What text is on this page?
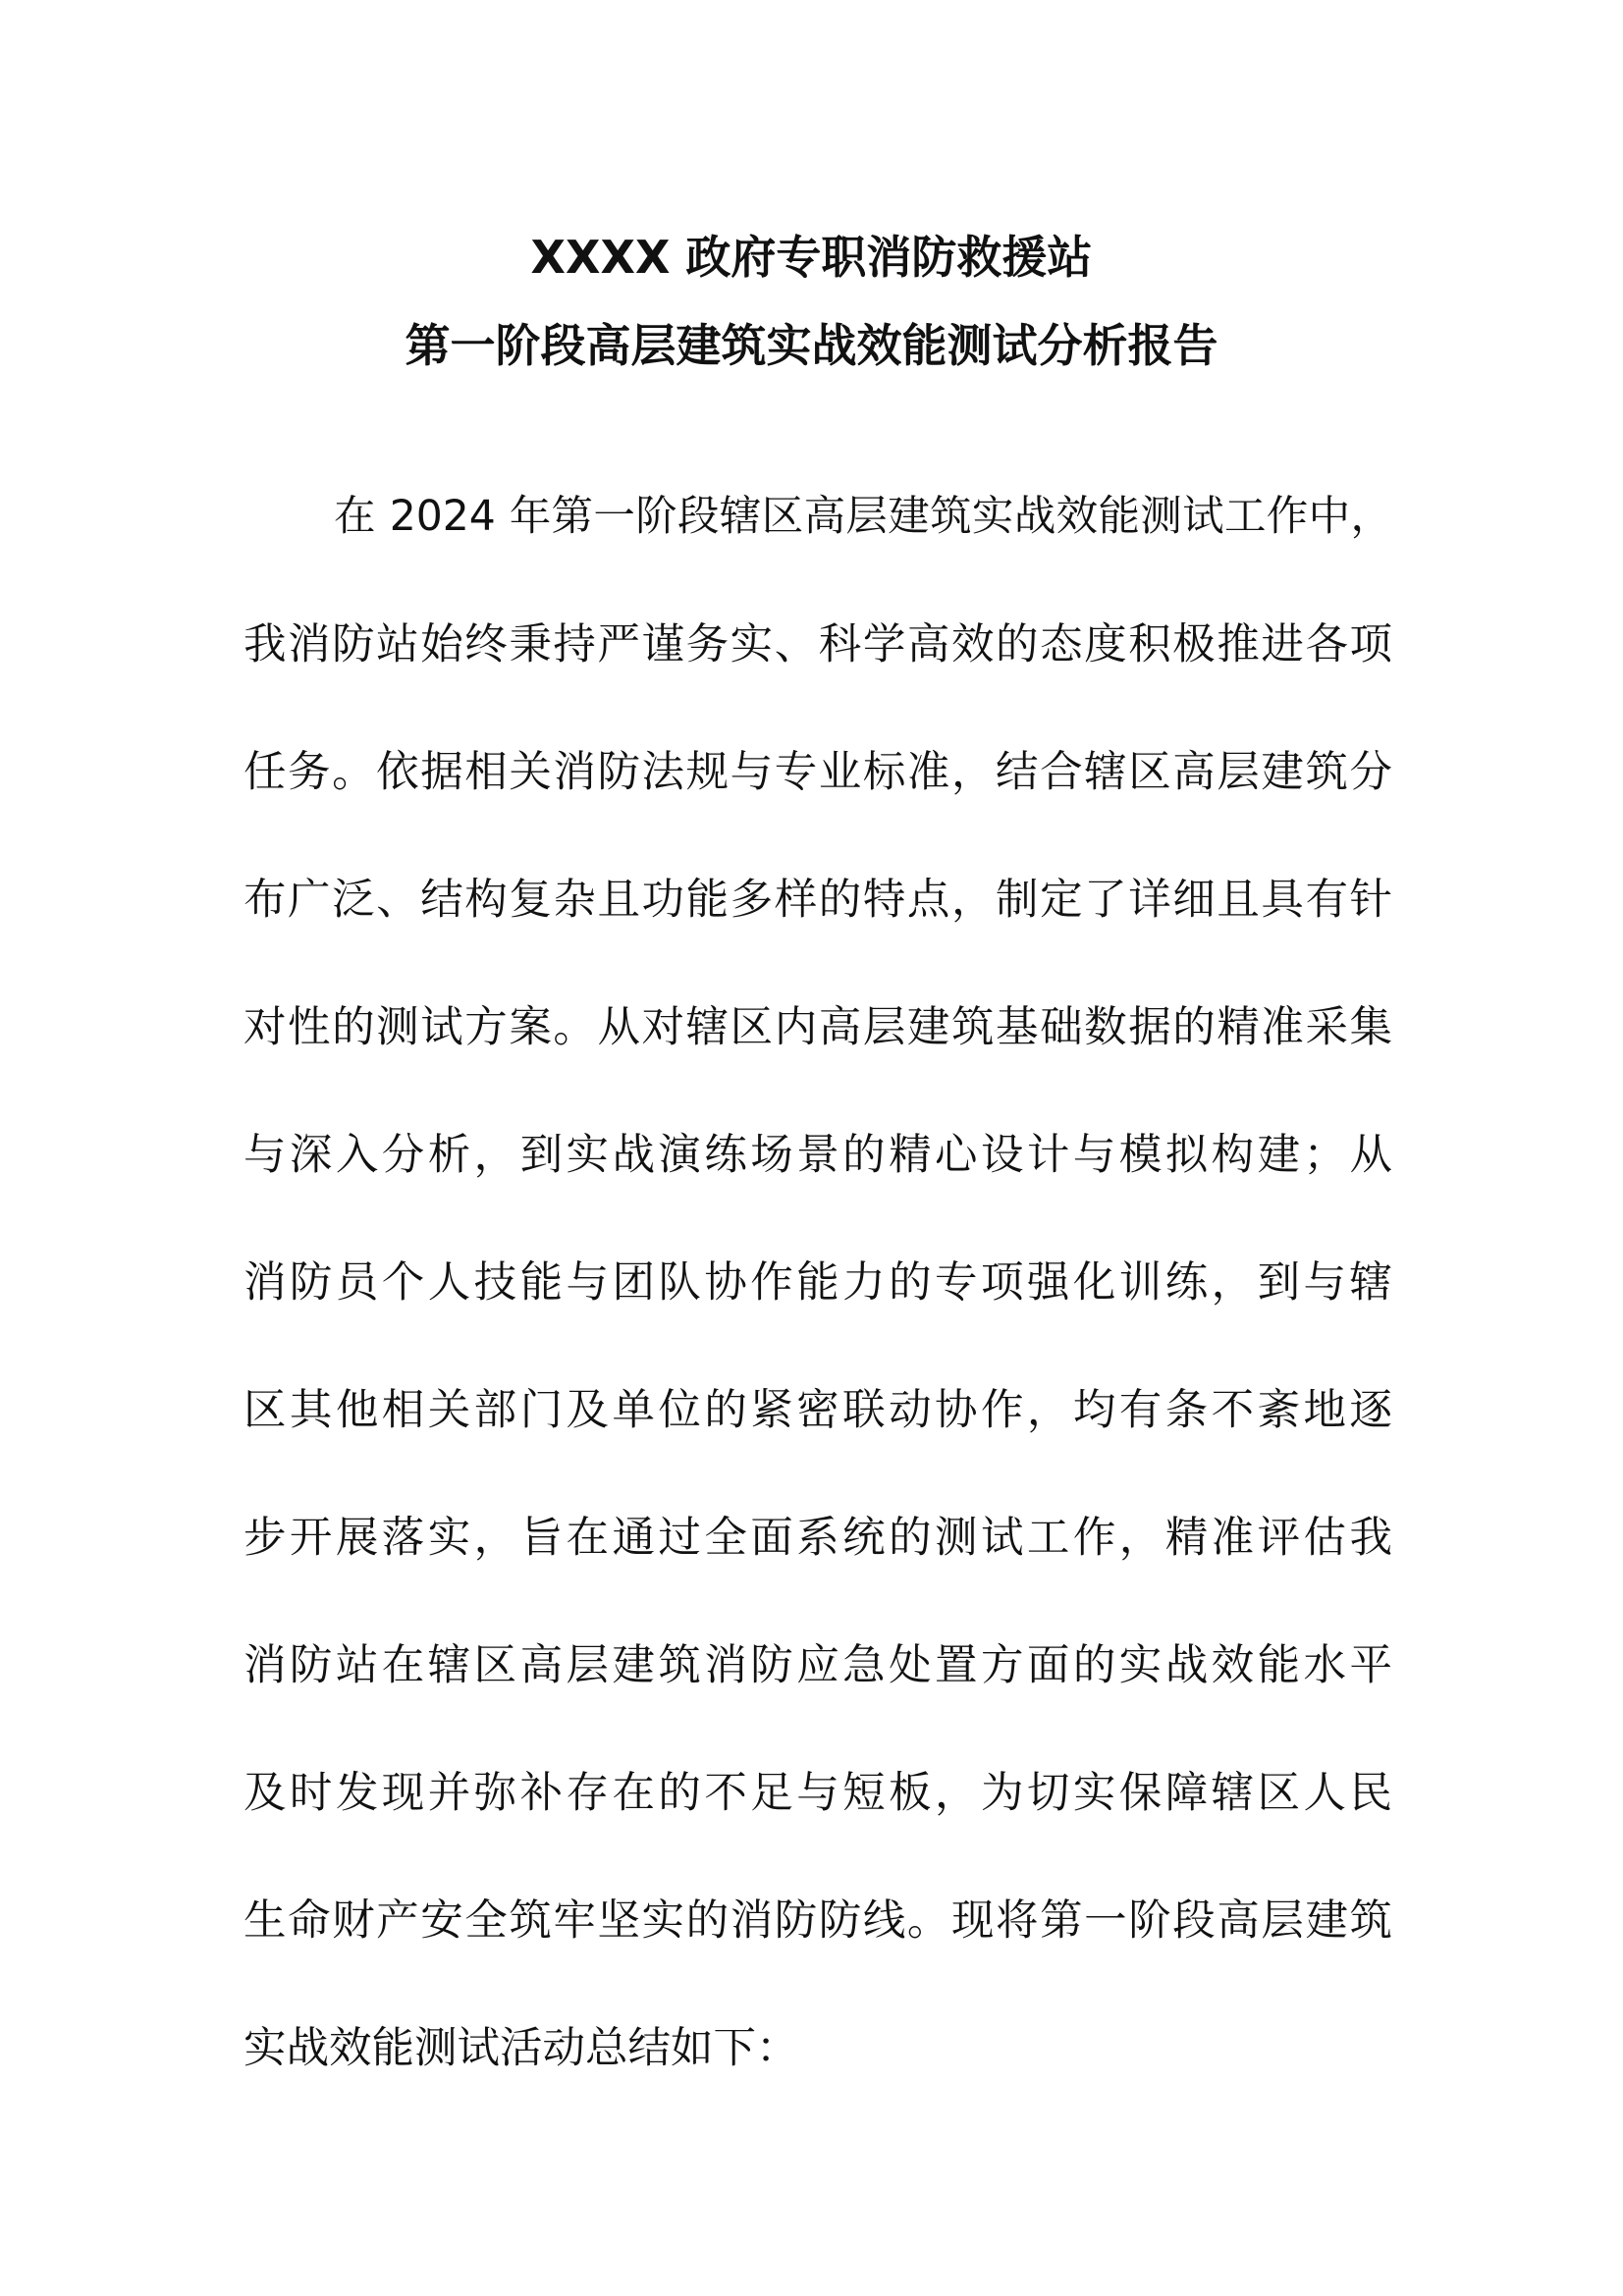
XXXX 政府专职消防救援站
第一阶段高层建筑实战效能测试分析报告
在 2024 年第一阶段辖区高层建筑实战效能测试工作中，
我消防站始终秉持严谨务实、科学高效的态度积极推进各项
任务。依据相关消防法规与专业标准，结合辖区高层建筑分
布广泛、结构复杂且功能多样的特点，制定了详细且具有针
对性的测试方案。从对辖区内高层建筑基础数据的精准采集
与深入分析，到实战演练场景的精心设计与模拟构建；从
消防员个人技能与团队协作能力的专项强化训练，到与辖
区其他相关部门及单位的紧密联动协作，均有条不紊地逐
步开展落实，旨在通过全面系统的测试工作，精准评估我
消防站在辖区高层建筑消防应急处置方面的实战效能水平
及时发现并弥补存在的不足与短板，为切实保障辖区人民
生命财产安全筑牢坚实的消防防线。现将第一阶段高层建筑
实战效能测试活动总结如下：
